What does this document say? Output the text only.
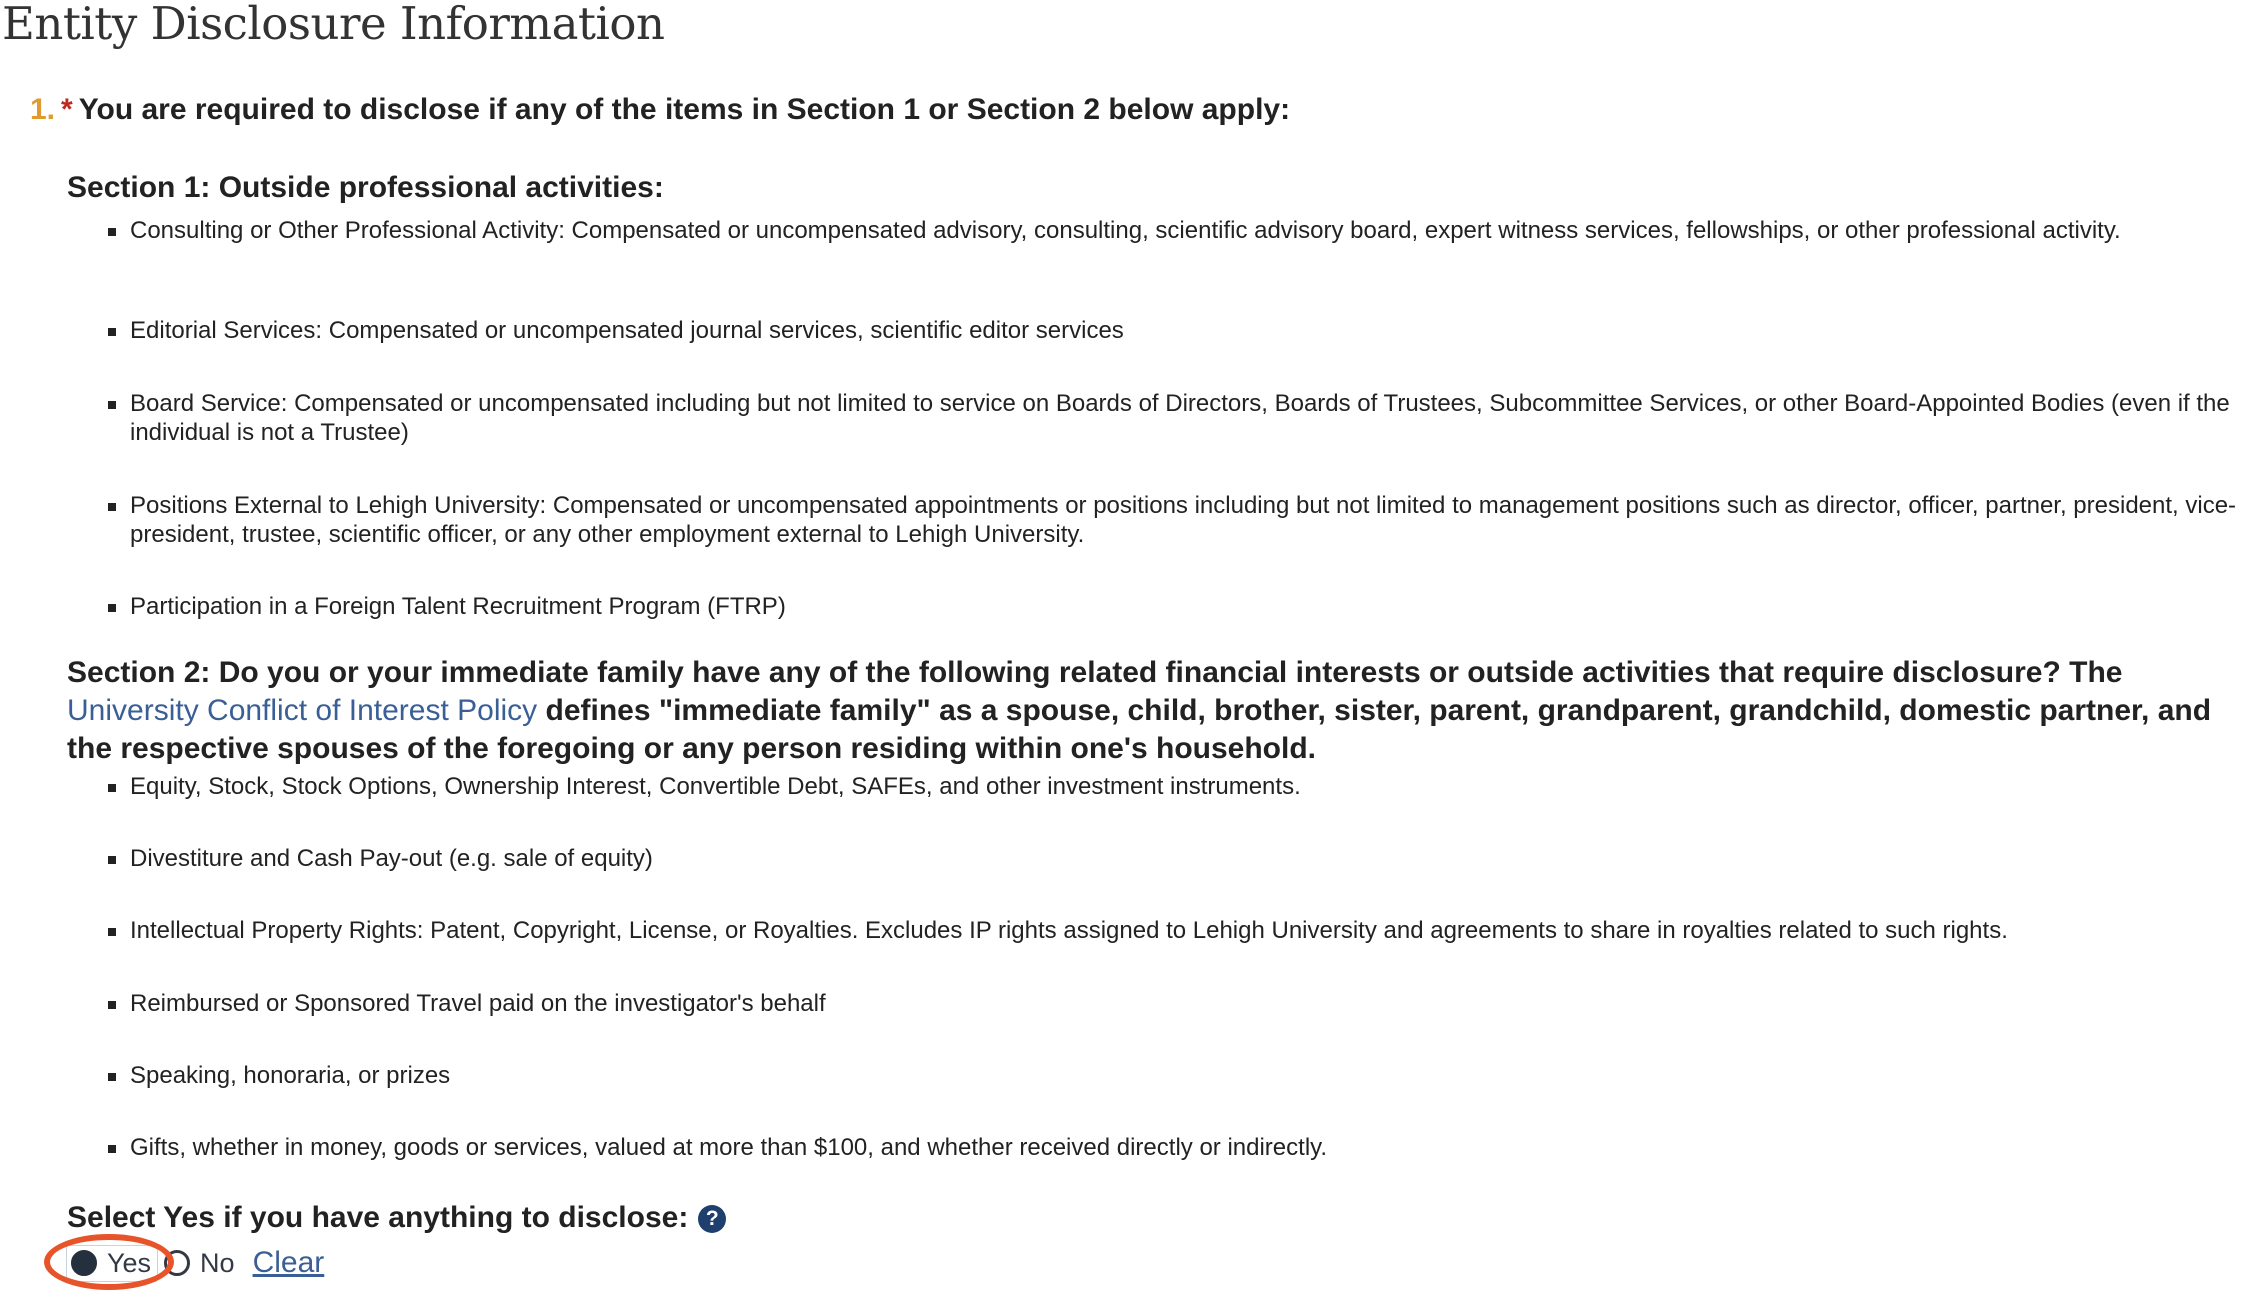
Entity Disclosure Information
1. * You are required to disclose if any of the items in Section 1 or Section 2 below apply:
Section 1: Outside professional activities:
Consulting or Other Professional Activity: Compensated or uncompensated advisory, consulting, scientific advisory board, expert witness services, fellowships, or other professional activity.
Editorial Services: Compensated or uncompensated journal services, scientific editor services
Board Service: Compensated or uncompensated including but not limited to service on Boards of Directors, Boards of Trustees, Subcommittee Services, or other Board-Appointed Bodies (even if the individual is not a Trustee)
Positions External to Lehigh University: Compensated or uncompensated appointments or positions including but not limited to management positions such as director, officer, partner, president, vice-president, trustee, scientific officer, or any other employment external to Lehigh University.
Participation in a Foreign Talent Recruitment Program (FTRP)
Section 2: Do you or your immediate family have any of the following related financial interests or outside activities that require disclosure? The University Conflict of Interest Policy defines "immediate family" as a spouse, child, brother, sister, parent, grandparent, grandchild, domestic partner, and the respective spouses of the foregoing or any person residing within one's household.
Equity, Stock, Stock Options, Ownership Interest, Convertible Debt, SAFEs, and other investment instruments.
Divestiture and Cash Pay-out (e.g. sale of equity)
Intellectual Property Rights: Patent, Copyright, License, or Royalties. Excludes IP rights assigned to Lehigh University and agreements to share in royalties related to such rights.
Reimbursed or Sponsored Travel paid on the investigator's behalf
Speaking, honoraria, or prizes
Gifts, whether in money, goods or services, valued at more than $100, and whether received directly or indirectly.
Select Yes if you have anything to disclose: ?
Yes No Clear
